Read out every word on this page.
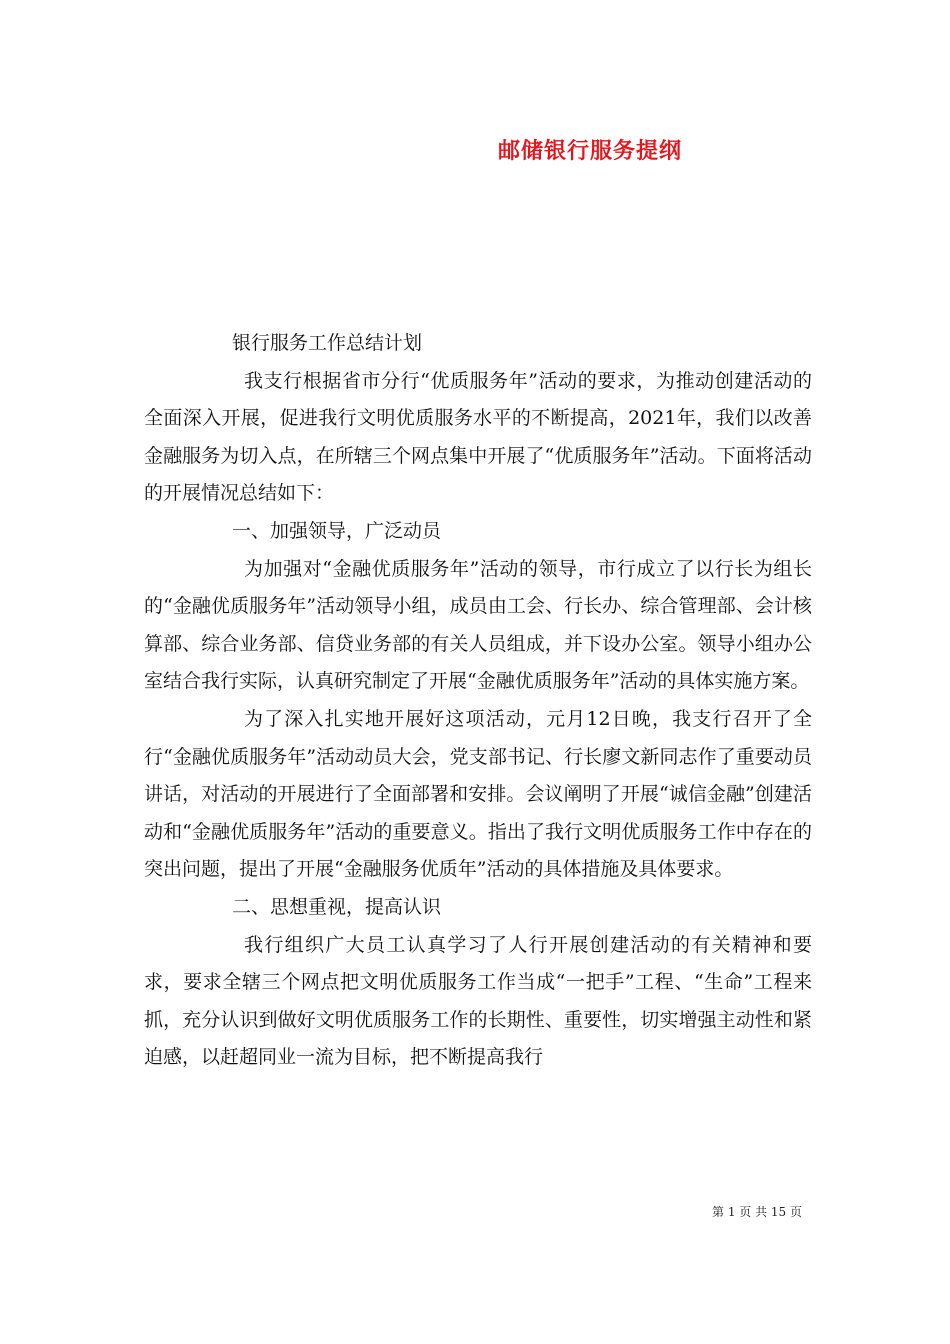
邮储银行服务提纲

银行服务工作总结计划

我支行根据省市分行“优质服务年”活动的要求，为推动创建活动的全面深入开展，促进我行文明优质服务水平的不断提高，2021年，我们以改善金融服务为切入点，在所辖三个网点集中开展了“优质服务年”活动。下面将活动的开展情况总结如下：

一、加强领导，广泛动员

为加强对“金融优质服务年”活动的领导，市行成立了以行长为组长的“金融优质服务年”活动领导小组，成员由工会、行长办、综合管理部、会计核算部、综合业务部、信贷业务部的有关人员组成，并下设办公室。领导小组办公室结合我行实际，认真研究制定了开展“金融优质服务年”活动的具体实施方案。

为了深入扎实地开展好这项活动，元月12日晚，我支行召开了全行“金融优质服务年”活动动员大会，党支部书记、行长廖文新同志作了重要动员讲话，对活动的开展进行了全面部署和安排。会议阐明了开展“诚信金融”创建活动和“金融优质服务年”活动的重要意义。指出了我行文明优质服务工作中存在的突出问题，提出了开展“金融服务优质年”活动的具体措施及具体要求。

二、思想重视，提高认识

我行组织广大员工认真学习了人行开展创建活动的有关精神和要求，要求全辖三个网点把文明优质服务工作当成“一把手”工程、“生命”工程来抓，充分认识到做好文明优质服务工作的长期性、重要性，切实增强主动性和紧迫感，以赶超同业一流为目标，把不断提高我行

第 1 页 共 15 页
